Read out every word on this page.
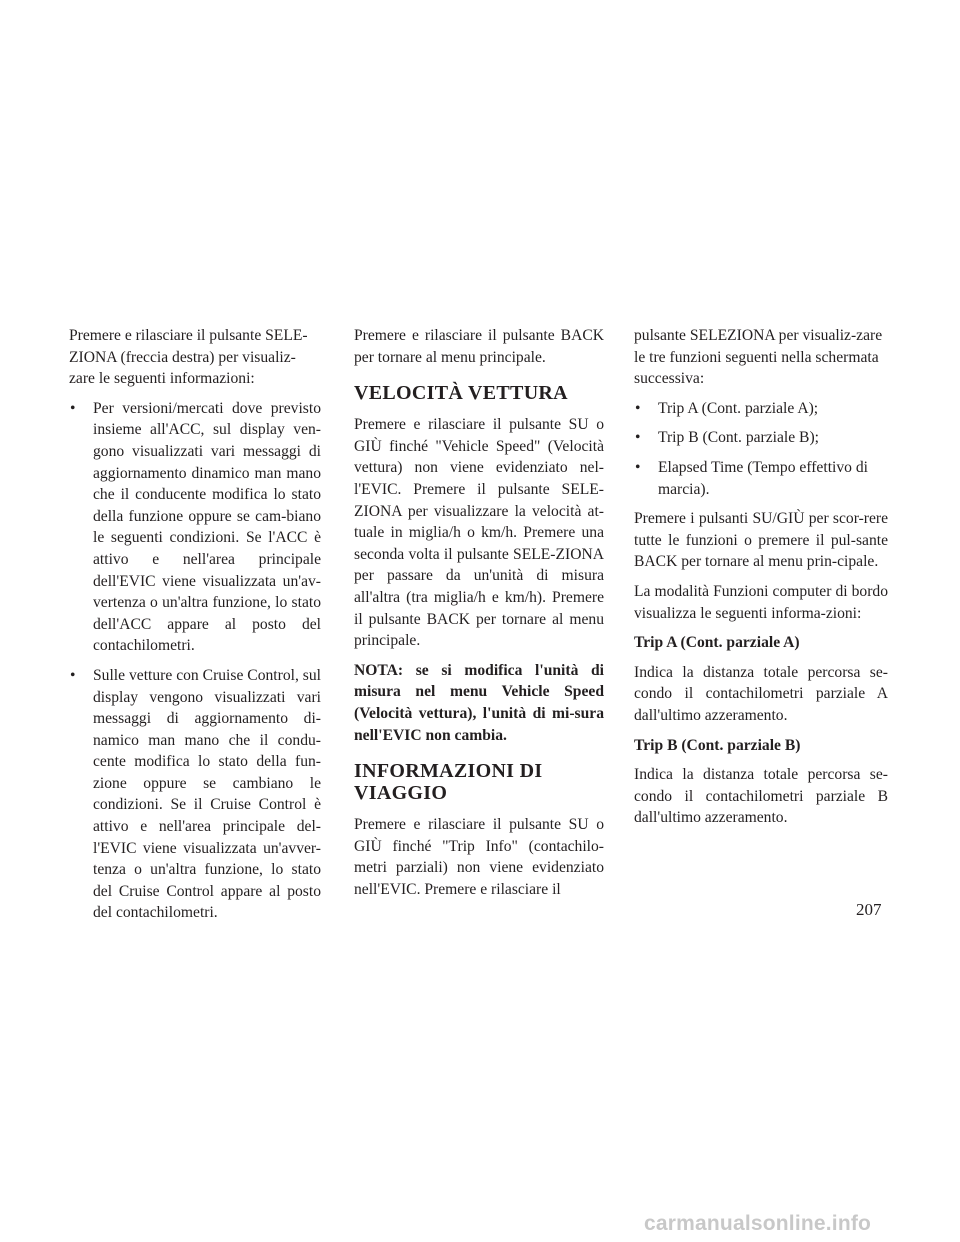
Premere e rilasciare il pulsante SELE-ZIONA (freccia destra) per visualiz-zare le seguenti informazioni:

• Per versioni/mercati dove previsto insieme all'ACC, sul display ven-gono visualizzati vari messaggi di aggiornamento dinamico man mano che il conducente modifica lo stato della funzione oppure se cam-biano le seguenti condizioni. Se l'ACC è attivo e nell'area principale dell'EVIC viene visualizzata un'av-vertenza o un'altra funzione, lo stato dell'ACC appare al posto del contachilometri.
• Sulle vetture con Cruise Control, sul display vengono visualizzati vari messaggi di aggiornamento di-namico man mano che il condu-cente modifica lo stato della fun-zione oppure se cambiano le condizioni. Se il Cruise Control è attivo e nell'area principale del-l'EVIC viene visualizzata un'avver-tenza o un'altra funzione, lo stato del Cruise Control appare al posto del contachilometri.

Premere e rilasciare il pulsante BACK per tornare al menu principale.

VELOCITÀ VETTURA

Premere e rilasciare il pulsante SU o GIÙ finché "Vehicle Speed" (Velocità vettura) non viene evidenziato nel-l'EVIC. Premere il pulsante SELE-ZIONA per visualizzare la velocità at-tuale in miglia/h o km/h. Premere una seconda volta il pulsante SELE-ZIONA per passare da un'unità di misura all'altra (tra miglia/h e km/h). Premere il pulsante BACK per tornare al menu principale.

NOTA: se si modifica l'unità di misura nel menu Vehicle Speed (Velocità vettura), l'unità di mi-sura nell'EVIC non cambia.

INFORMAZIONI DI
VIAGGIO

Premere e rilasciare il pulsante SU o GIÙ finché "Trip Info" (contachilo-metri parziali) non viene evidenziato nell'EVIC. Premere e rilasciare il

pulsante SELEZIONA per visualiz-zare le tre funzioni seguenti nella schermata successiva:

• Trip A (Cont. parziale A);
• Trip B (Cont. parziale B);
• Elapsed Time (Tempo effettivo di marcia).

Premere i pulsanti SU/GIÙ per scor-rere tutte le funzioni o premere il pul-sante BACK per tornare al menu prin-cipale.

La modalità Funzioni computer di bordo visualizza le seguenti informa-zioni:

Trip A (Cont. parziale A)

Indica la distanza totale percorsa se-condo il contachilometri parziale A dall'ultimo azzeramento.

Trip B (Cont. parziale B)

Indica la distanza totale percorsa se-condo il contachilometri parziale B dall'ultimo azzeramento.

207
carmanualsonline.info
